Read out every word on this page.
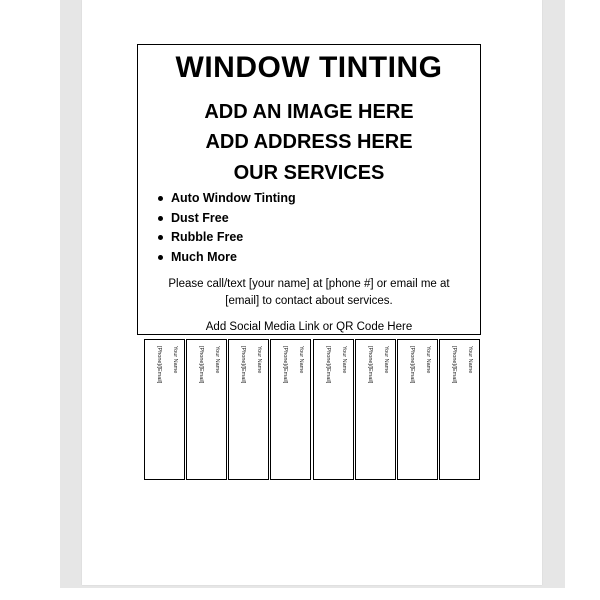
WINDOW TINTING
ADD AN IMAGE HERE
ADD ADDRESS HERE
OUR SERVICES
Auto Window Tinting
Dust Free
Rubble Free
Much More
Please call/text [your name] at [phone #] or email me at
[email] to contact about services.
Add Social Media Link or QR Code Here
Your Name
[Phone]/[Email]	Your Name
[Phone]/[Email]	Your Name
[Phone]/[Email]	Your Name
[Phone]/[Email]	Your Name
[Phone]/[Email]	Your Name
[Phone]/[Email]	Your Name
[Phone]/[Email]	Your Name
[Phone]/[Email]
